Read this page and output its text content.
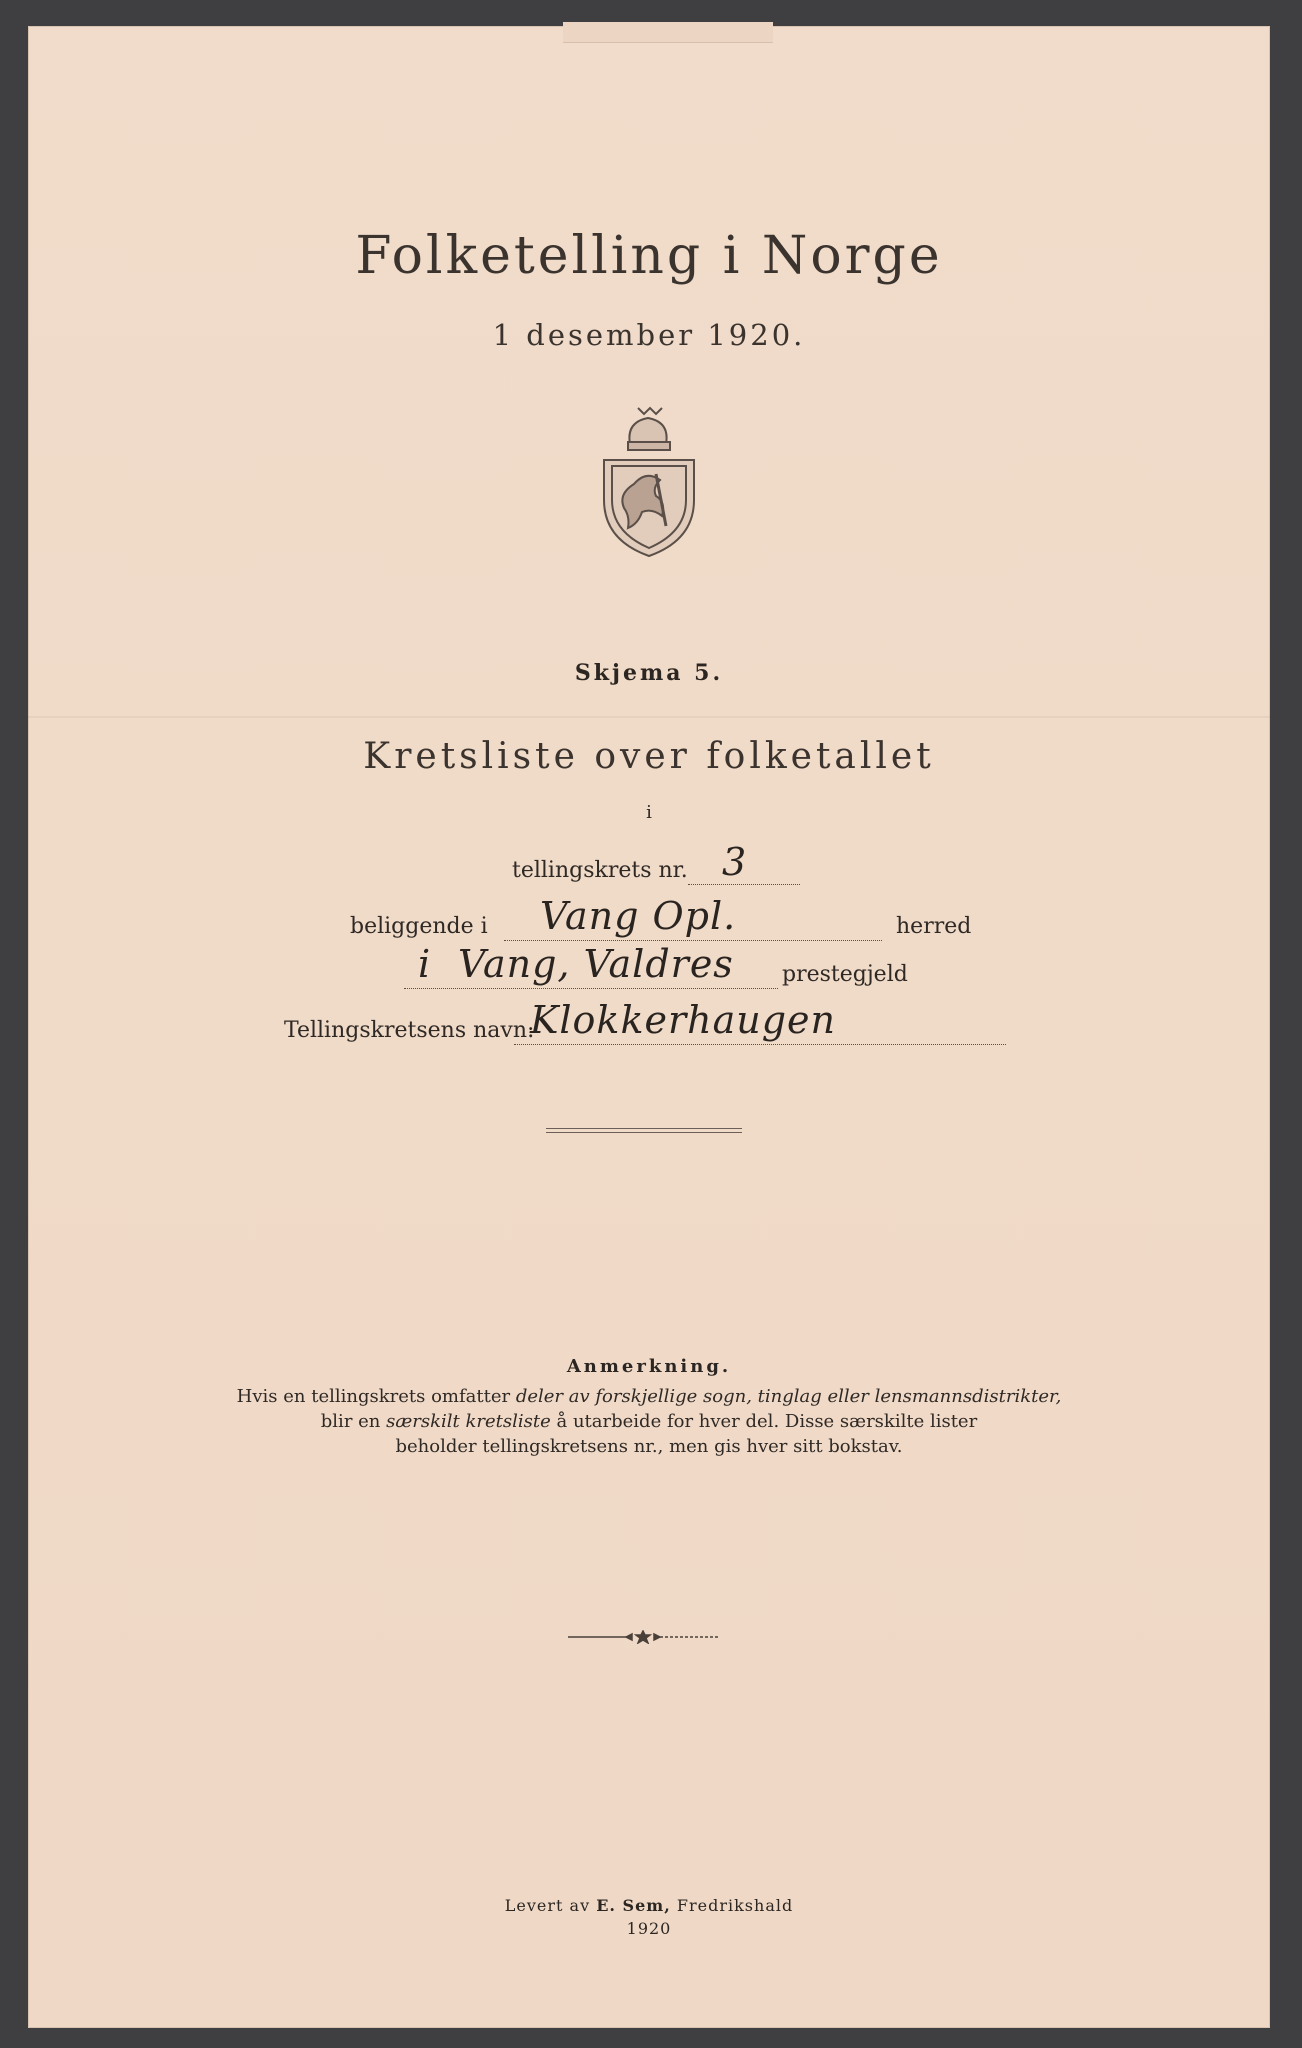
Folketelling i Norge
1 desember 1920.
Skjema 5.
Kretsliste over folketallet
i
tellingskrets nr. 3
beliggende i Vang Opl.	herred
i Vang, Valdres prestegjeld
Tellingskretsens navn:
Klokkerhaugen
Anmerkning.
Hvis en tellingskrets omfatter deler av forskjellige sogn, tinglag eller lensmannsdistrikter,
blir en særskilt kretsliste å utarbeide for hver del. Disse særskilte lister
beholder tellingskretsens nr., men gis hver sitt bokstav.
Levert av E. Sem, Fredrikshald
1920
